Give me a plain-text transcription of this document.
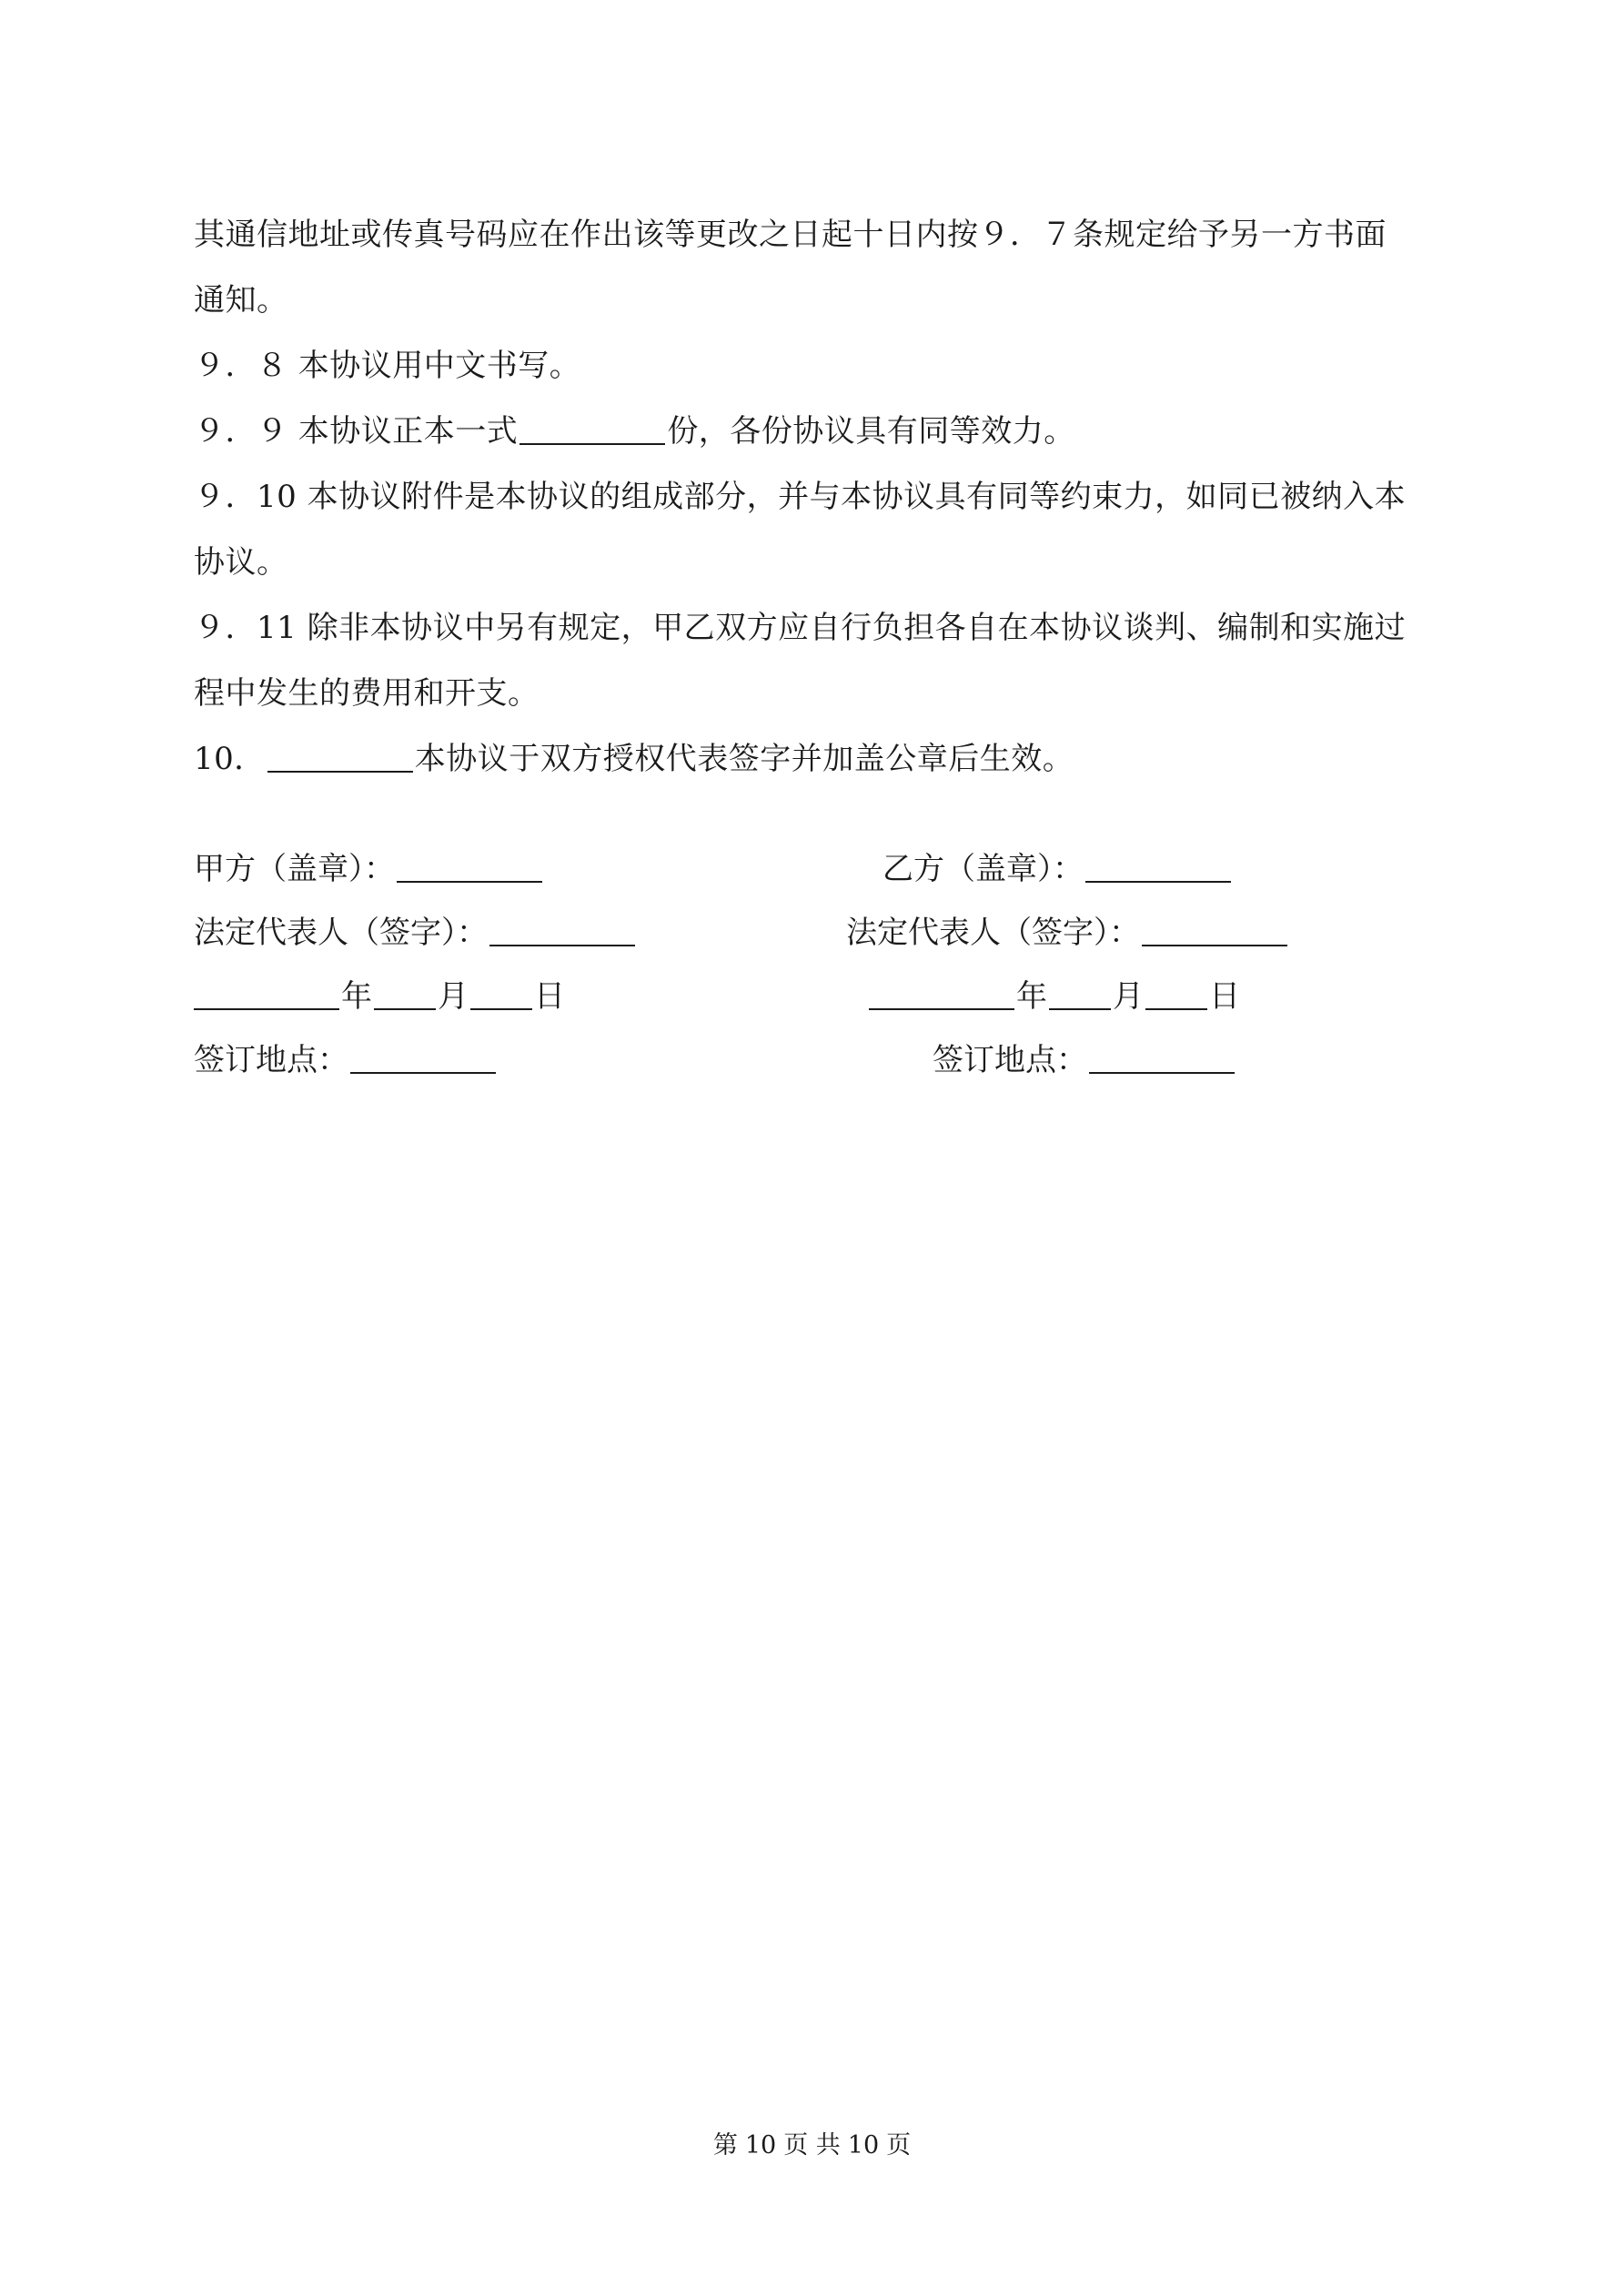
其通信地址或传真号码应在作出该等更改之日起十日内按９．７条规定给予另一方书面

通知。

９．８ 本协议用中文书写。

９．９ 本协议正本一式	份，各份协议具有同等效力。

９．10 本协议附件是本协议的组成部分，并与本协议具有同等约束力，如同已被纳入本

协议。

９．11 除非本协议中另有规定，甲乙双方应自行负担各自在本协议谈判、编制和实施过

程中发生的费用和开支。

10．	本协议于双方授权代表签字并加盖公章后生效。

甲方（盖章）：
法定代表人（签字）：
年 月 日
签订地点：
乙方（盖章）：
法定代表人（签字）：
年 月 日
签订地点：
第 10 页 共 10 页
